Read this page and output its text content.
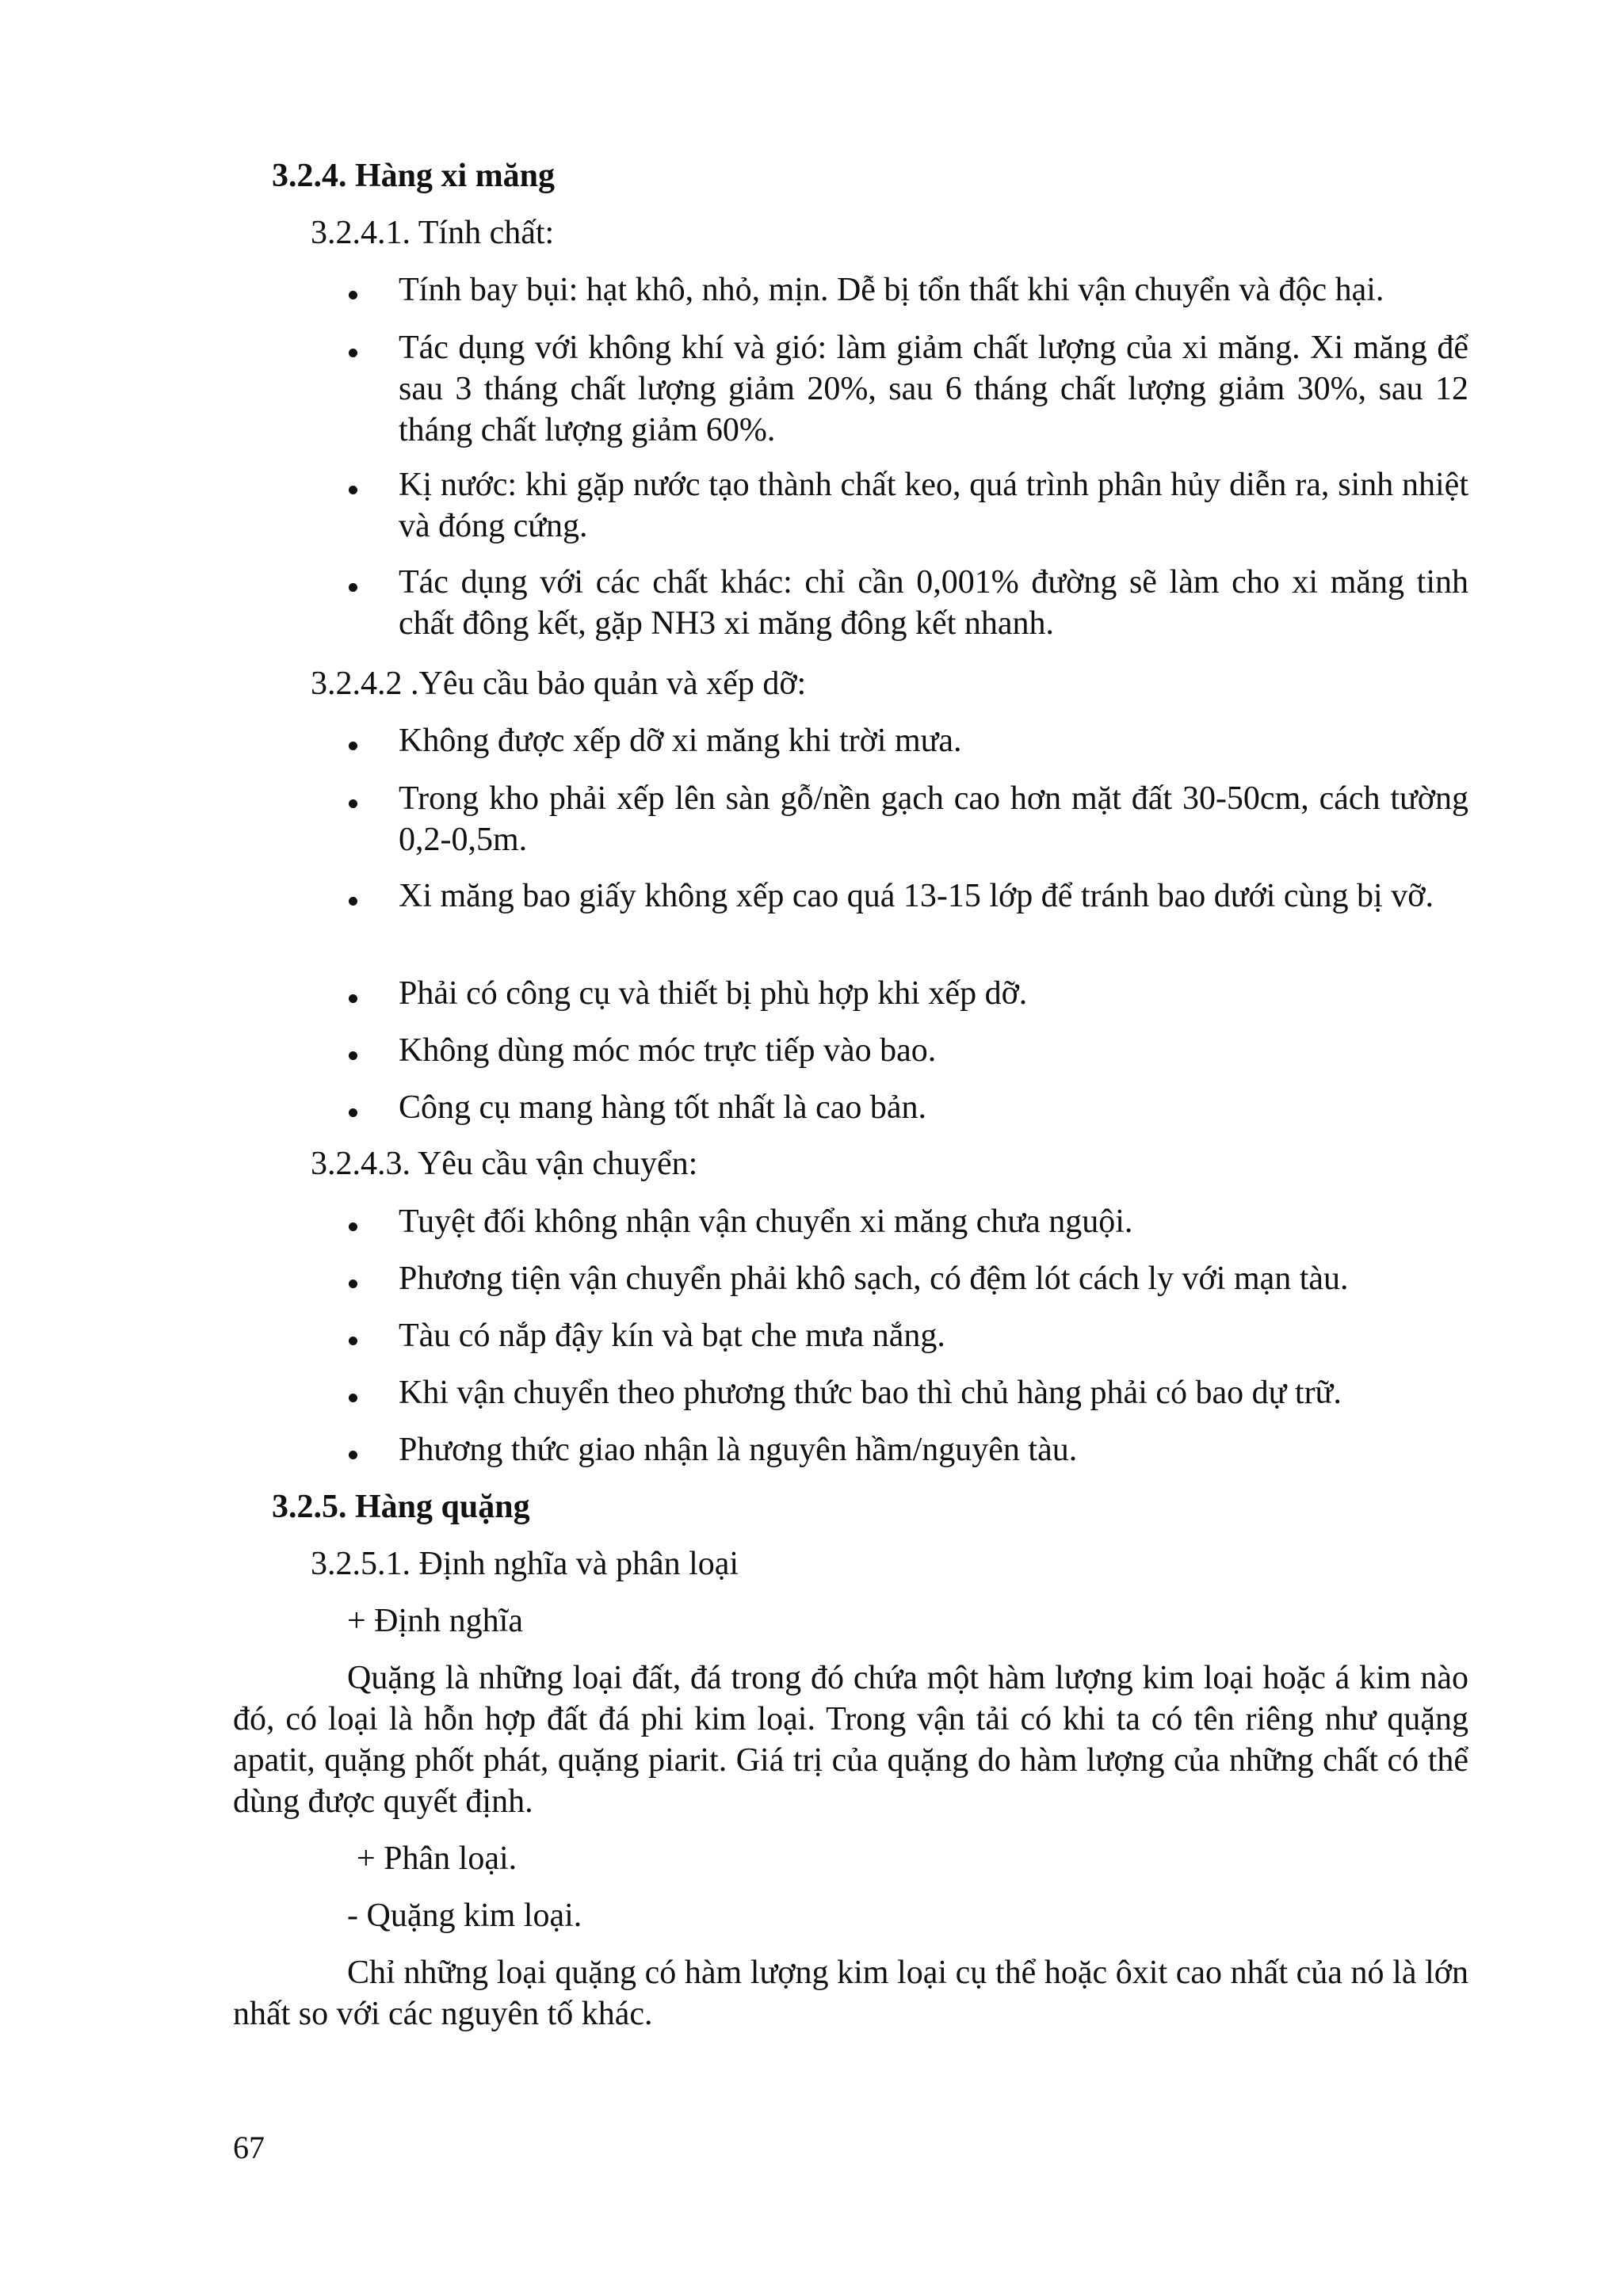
3.2.4. Hàng xi măng
3.2.4.1. Tính chất:
Tính bay bụi: hạt khô, nhỏ, mịn. Dễ bị tổn thất khi vận chuyển và độc hại.
Tác dụng với không khí và gió: làm giảm chất lượng của xi măng. Xi măng để sau 3 tháng chất lượng giảm 20%, sau 6 tháng chất lượng giảm 30%, sau 12 tháng chất lượng giảm 60%.
Kị nước: khi gặp nước tạo thành chất keo, quá trình phân hủy diễn ra, sinh nhiệt và đóng cứng.
Tác dụng với các chất khác: chỉ cần 0,001% đường sẽ làm cho xi măng tinh chất đông kết, gặp NH3 xi măng đông kết nhanh.
3.2.4.2 .Yêu cầu bảo quản và xếp dỡ:
Không được xếp dỡ xi măng khi trời mưa.
Trong kho phải xếp lên sàn gỗ/nền gạch cao hơn mặt đất 30-50cm, cách tường 0,2-0,5m.
Xi măng bao giấy không xếp cao quá 13-15 lớp để tránh bao dưới cùng bị vỡ.
Phải có công cụ và thiết bị phù hợp khi xếp dỡ.
Không dùng móc móc trực tiếp vào bao.
Công cụ mang hàng tốt nhất là cao bản.
3.2.4.3. Yêu cầu vận chuyển:
Tuyệt đối không nhận vận chuyển xi măng chưa nguội.
Phương tiện vận chuyển phải khô sạch, có đệm lót cách ly với mạn tàu.
Tàu có nắp đậy kín và bạt che mưa nắng.
Khi vận chuyển theo phương thức bao thì chủ hàng phải có bao dự trữ.
Phương thức giao nhận là nguyên hầm/nguyên tàu.
3.2.5. Hàng quặng
3.2.5.1. Định nghĩa và phân loại
+ Định nghĩa
Quặng là những loại đất, đá trong đó chứa một hàm lượng kim loại hoặc á kim nào đó, có loại là hỗn hợp đất đá phi kim loại. Trong vận tải có khi ta có tên riêng như quặng apatit, quặng phốt phát, quặng piarit. Giá trị của quặng do hàm lượng của những chất có thể dùng được quyết định.
+ Phân loại.
- Quặng kim loại.
Chỉ những loại quặng có hàm lượng kim loại cụ thể hoặc ôxit cao nhất của nó là lớn nhất so với các nguyên tố khác.
67
